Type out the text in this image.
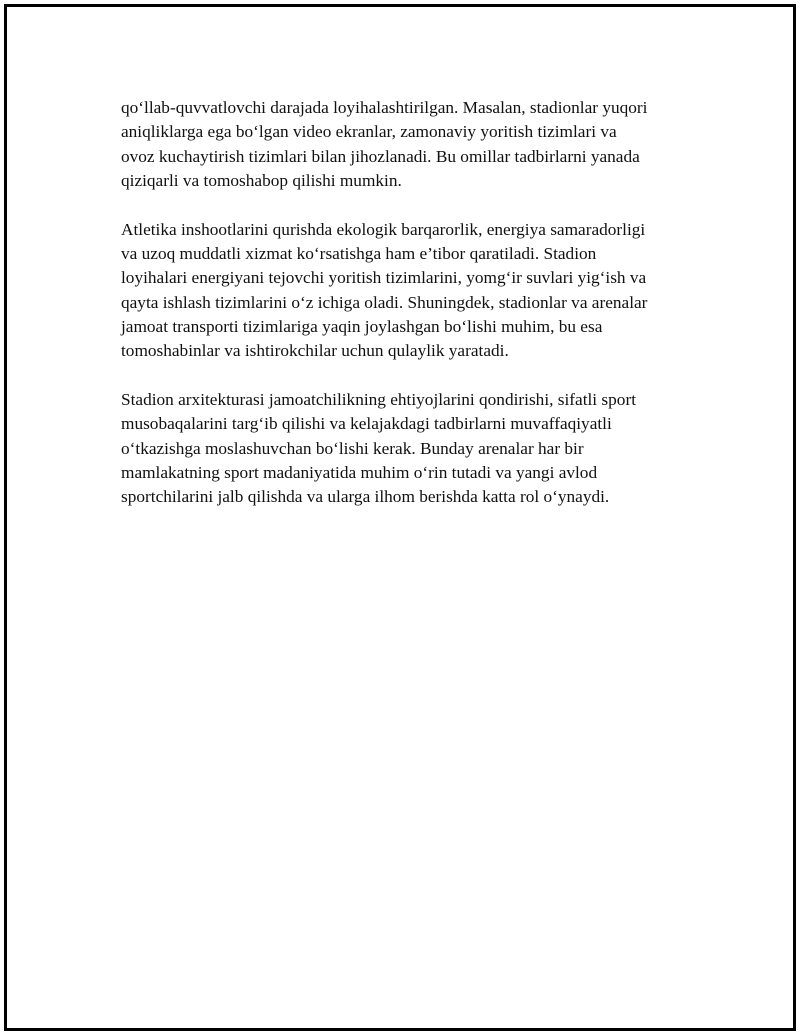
qo‘llab-quvvatlovchi darajada loyihalashtirilgan. Masalan, stadionlar yuqori
aniqliklarga ega bo‘lgan video ekranlar, zamonaviy yoritish tizimlari va
ovoz kuchaytirish tizimlari bilan jihozlanadi. Bu omillar tadbirlarni yanada
qiziqarli va tomoshabop qilishi mumkin.

Atletika inshootlarini qurishda ekologik barqarorlik, energiya samaradorligi
va uzoq muddatli xizmat ko‘rsatishga ham e’tibor qaratiladi. Stadion
loyihalari energiyani tejovchi yoritish tizimlarini, yomg‘ir suvlari yig‘ish va
qayta ishlash tizimlarini o‘z ichiga oladi. Shuningdek, stadionlar va arenalar
jamoat transporti tizimlariga yaqin joylashgan bo‘lishi muhim, bu esa
tomoshabinlar va ishtirokchilar uchun qulaylik yaratadi.

Stadion arxitekturasi jamoatchilikning ehtiyojlarini qondirishi, sifatli sport
musobaqalarini targ‘ib qilishi va kelajakdagi tadbirlarni muvaffaqiyatli
o‘tkazishga moslashuvchan bo‘lishi kerak. Bunday arenalar har bir
mamlakatning sport madaniyatida muhim o‘rin tutadi va yangi avlod
sportchilarini jalb qilishda va ularga ilhom berishda katta rol o‘ynaydi.
